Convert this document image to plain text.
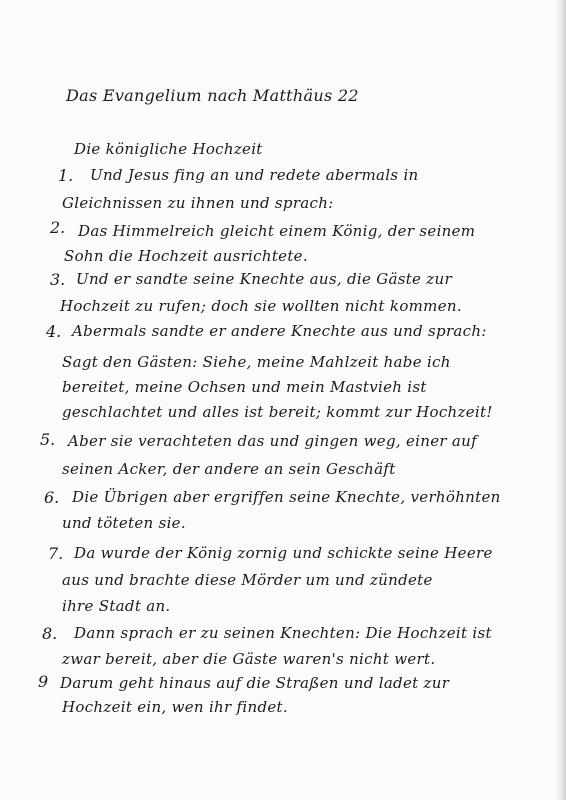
Das Evangelium nach Matthäus 22
Die königliche Hochzeit
1. Und Jesus fing an und redete abermals in
Gleichnissen zu ihnen und sprach:
2. Das Himmelreich gleicht einem König, der seinem
Sohn die Hochzeit ausrichtete.
3. Und er sandte seine Knechte aus, die Gäste zur
Hochzeit zu rufen; doch sie wollten nicht kommen.
4. Abermals sandte er andere Knechte aus und sprach:
Sagt den Gästen: Siehe, meine Mahlzeit habe ich
bereitet, meine Ochsen und mein Mastvieh ist
geschlachtet und alles ist bereit; kommt zur Hochzeit!
5. Aber sie verachteten das und gingen weg, einer auf
seinen Acker, der andere an sein Geschäft
6. Die Übrigen aber ergriffen seine Knechte, verhöhnten
und töteten sie.
7. Da wurde der König zornig und schickte seine Heere
aus und brachte diese Mörder um und zündete
ihre Stadt an.
8. Dann sprach er zu seinen Knechten: Die Hochzeit ist
zwar bereit, aber die Gäste waren's nicht wert.
9 Darum geht hinaus auf die Straßen und ladet zur
Hochzeit ein, wen ihr findet.
